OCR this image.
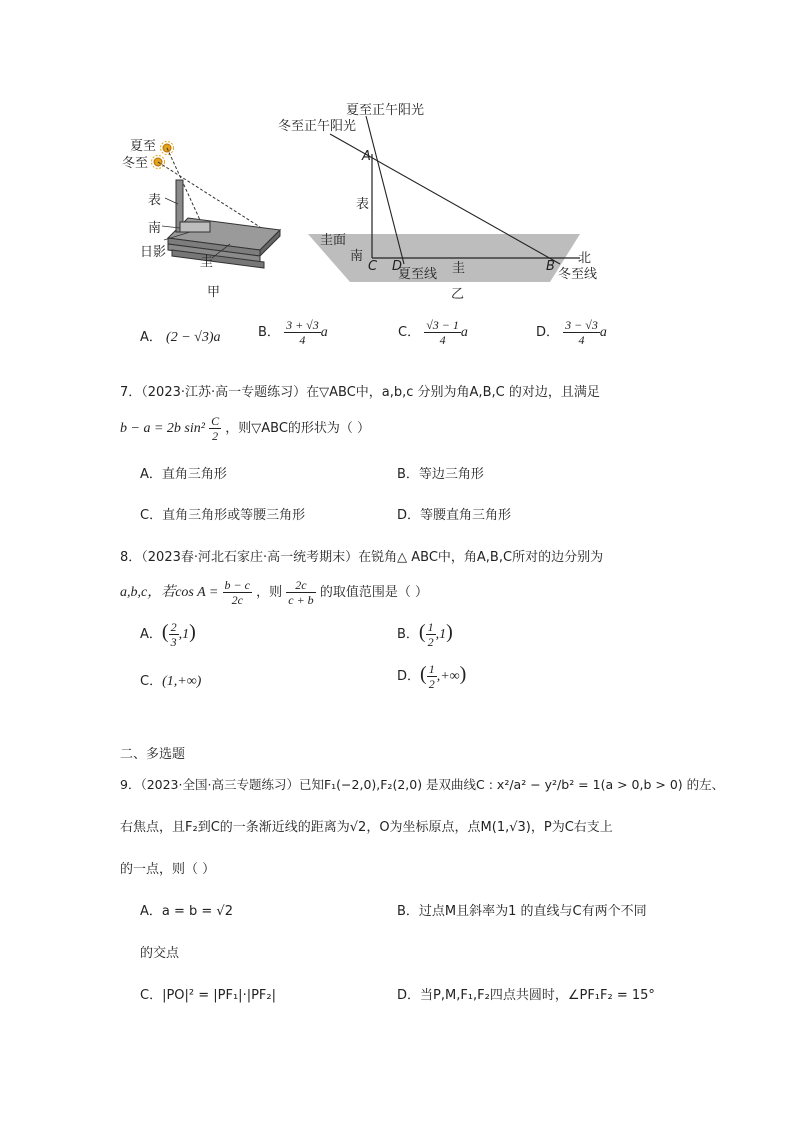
夏至
冬至
表
南
日影
圭
甲
夏至正午阳光
冬至正午阳光
A
表
圭面
南
C D
夏至线 圭	B
北
冬至线
乙
A． (2 − √3)a	B． $\frac{3 + √3}{4}$ a	C． $\frac{√3 - 1}{4}$ a	D． $\frac{3 - √3}{4}$ a
7．（2023·江苏·高一专题练习）在▽ABC中，a,b,c 分别为角A,B,C 的对边，且满足
b − a = 2b $\sin^2 \frac{C}{2}$ ，则▽ABC的形状为（ ）
A．直角三角形	B．等边三角形
C．直角三角形或等腰三角形	D．等腰直角三角形
8．（2023春·河北石家庄·高一统考期末）在锐角△ ABC中，角A,B,C所对的边分别为
a,b,c，若$\cos A = \frac{b - c}{2c}$ ，则 $\frac{2c}{c + b}$ 的取值范围是（ ）
A．( $\frac{2}{3} ,1$)	B．( $\frac{1}{2} ,1$)
C．(1,+∞)	D．( $\frac{1}{2}$ ,+∞)
二、多选题
9．（2023·全国·高三专题练习）已知F₁(−2,0),F₂(2,0) 是双曲线C : x²/a² − y²/b² = 1(a > 0,b > 0) 的左、
右焦点，且F₂到C的一条渐近线的距离为√2，O为坐标原点，点M(1,√3)，P为C右支上
的一点，则（ ）
A．a = b = √2	B．过点M且斜率为1 的直线与C有两个不同
的交点
C．|PO|² = |PF₁|·|PF₂|	D．当P,M,F₁,F₂四点共圆时，∠PF₁F₂ = 15°
